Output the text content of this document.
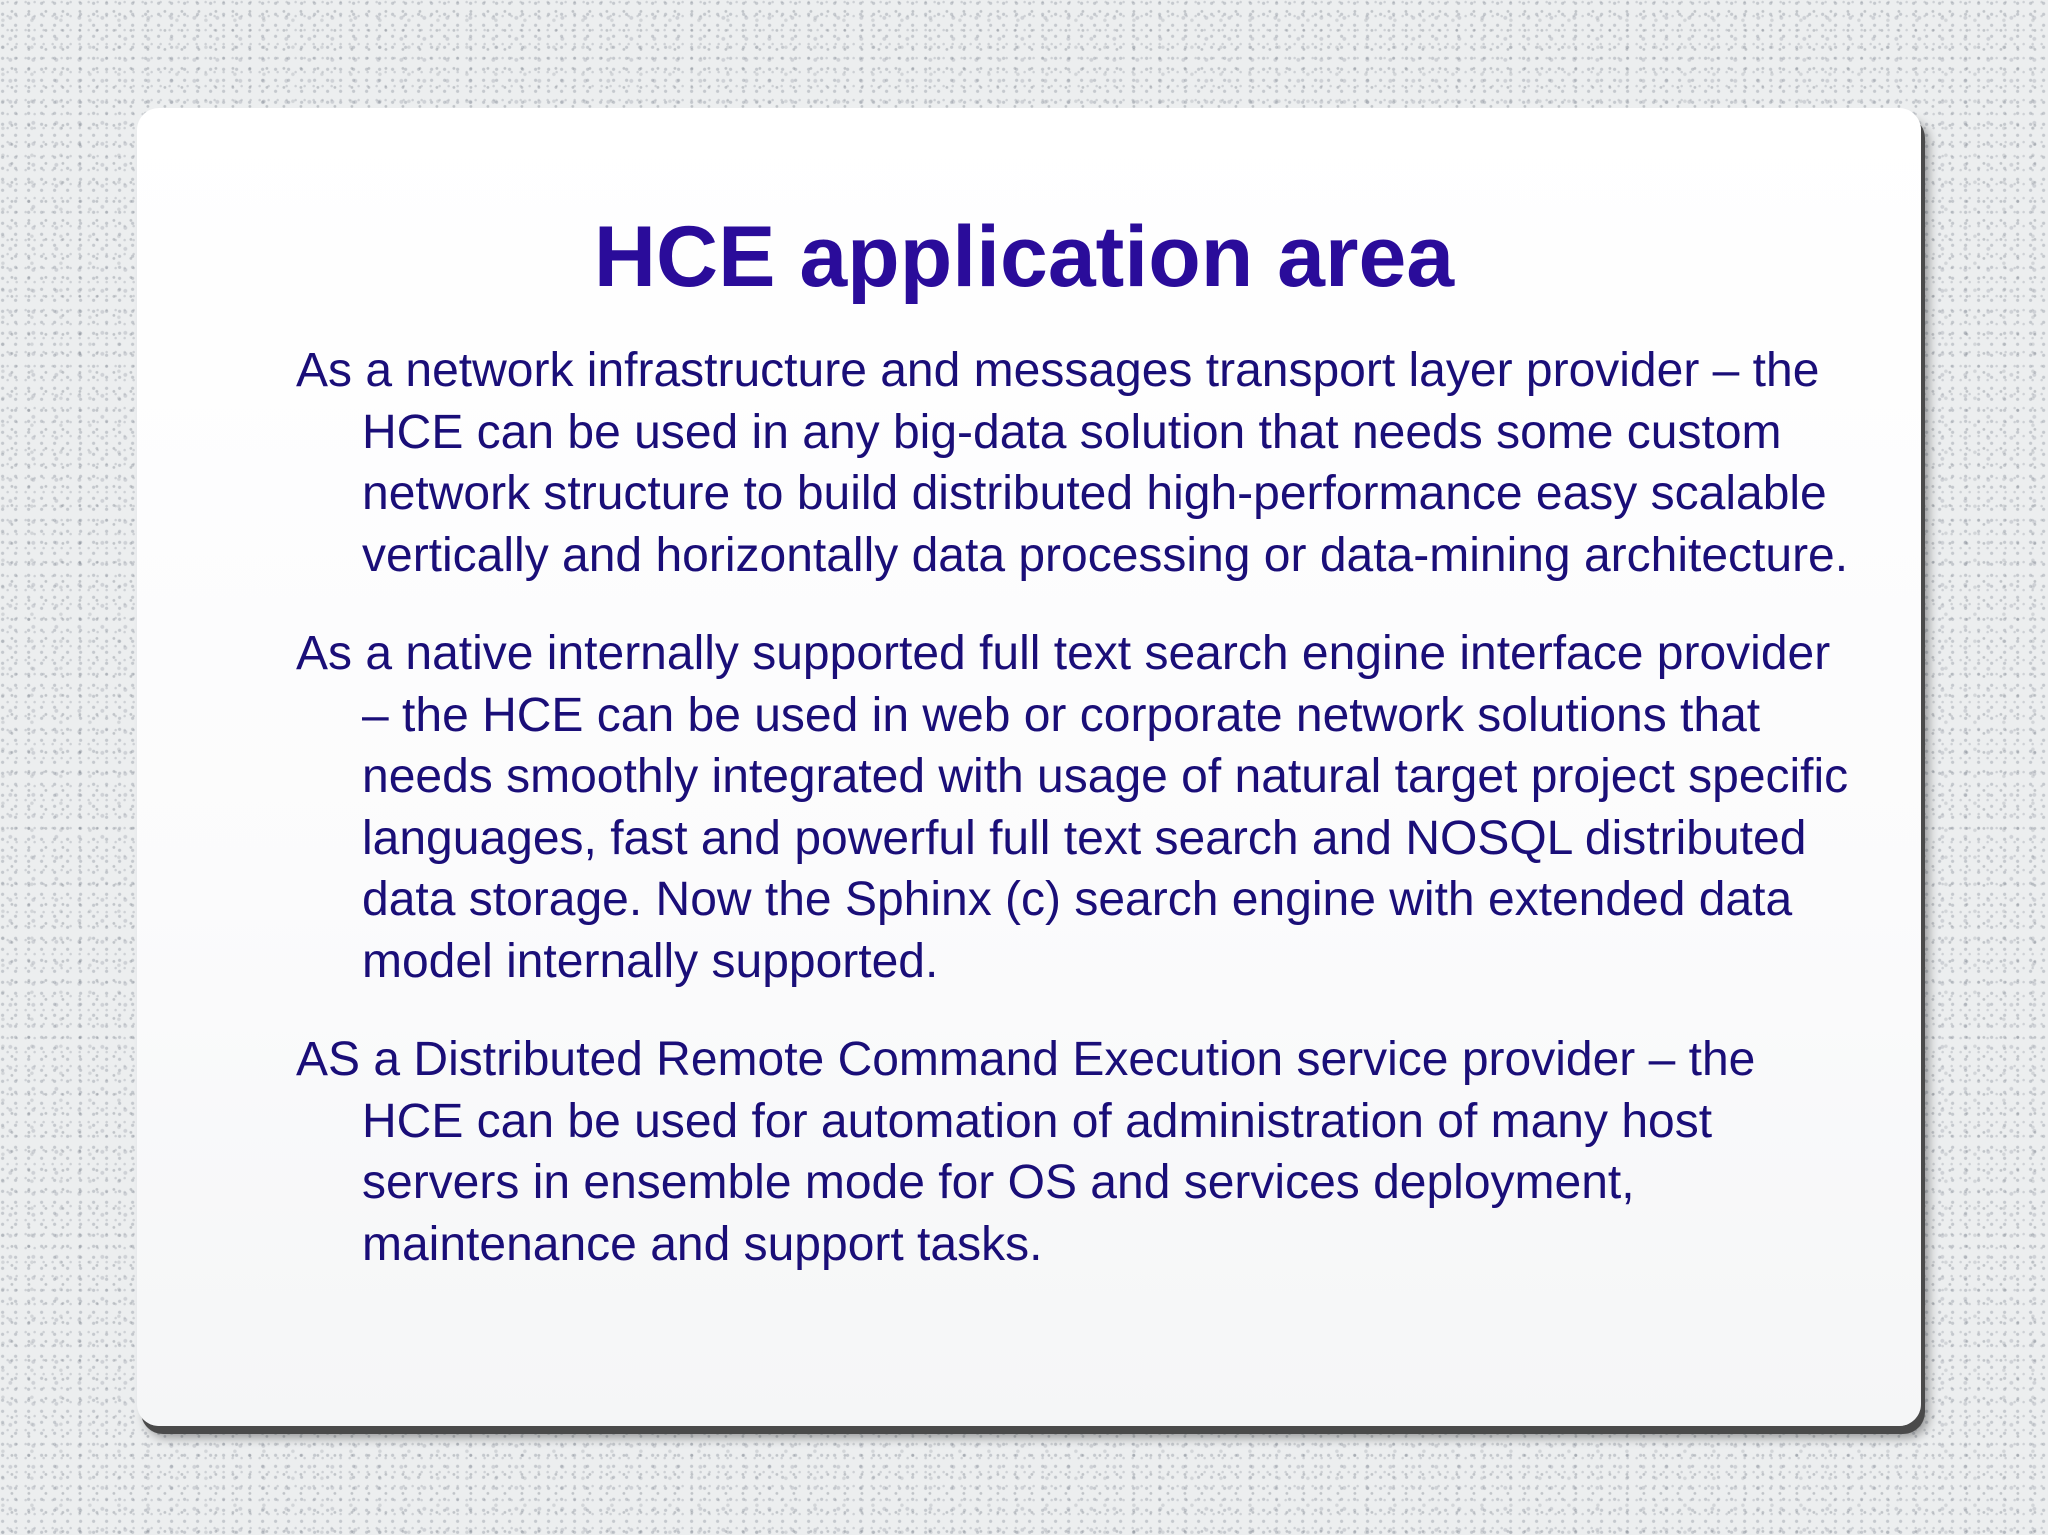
HCE application area

As a network infrastructure and messages transport layer provider – the HCE can be used in any big-data solution that needs some custom network structure to build distributed high-performance easy scalable vertically and horizontally data processing or data-mining architecture.

As a native internally supported full text search engine interface provider – the HCE can be used in web or corporate network solutions that needs smoothly integrated with usage of natural target project specific languages, fast and powerful full text search and NOSQL distributed data storage. Now the Sphinx (c) search engine with extended data model internally supported.

AS a Distributed Remote Command Execution service provider – the HCE can be used for automation of administration of many host servers in ensemble mode for OS and services deployment, maintenance and support tasks.
